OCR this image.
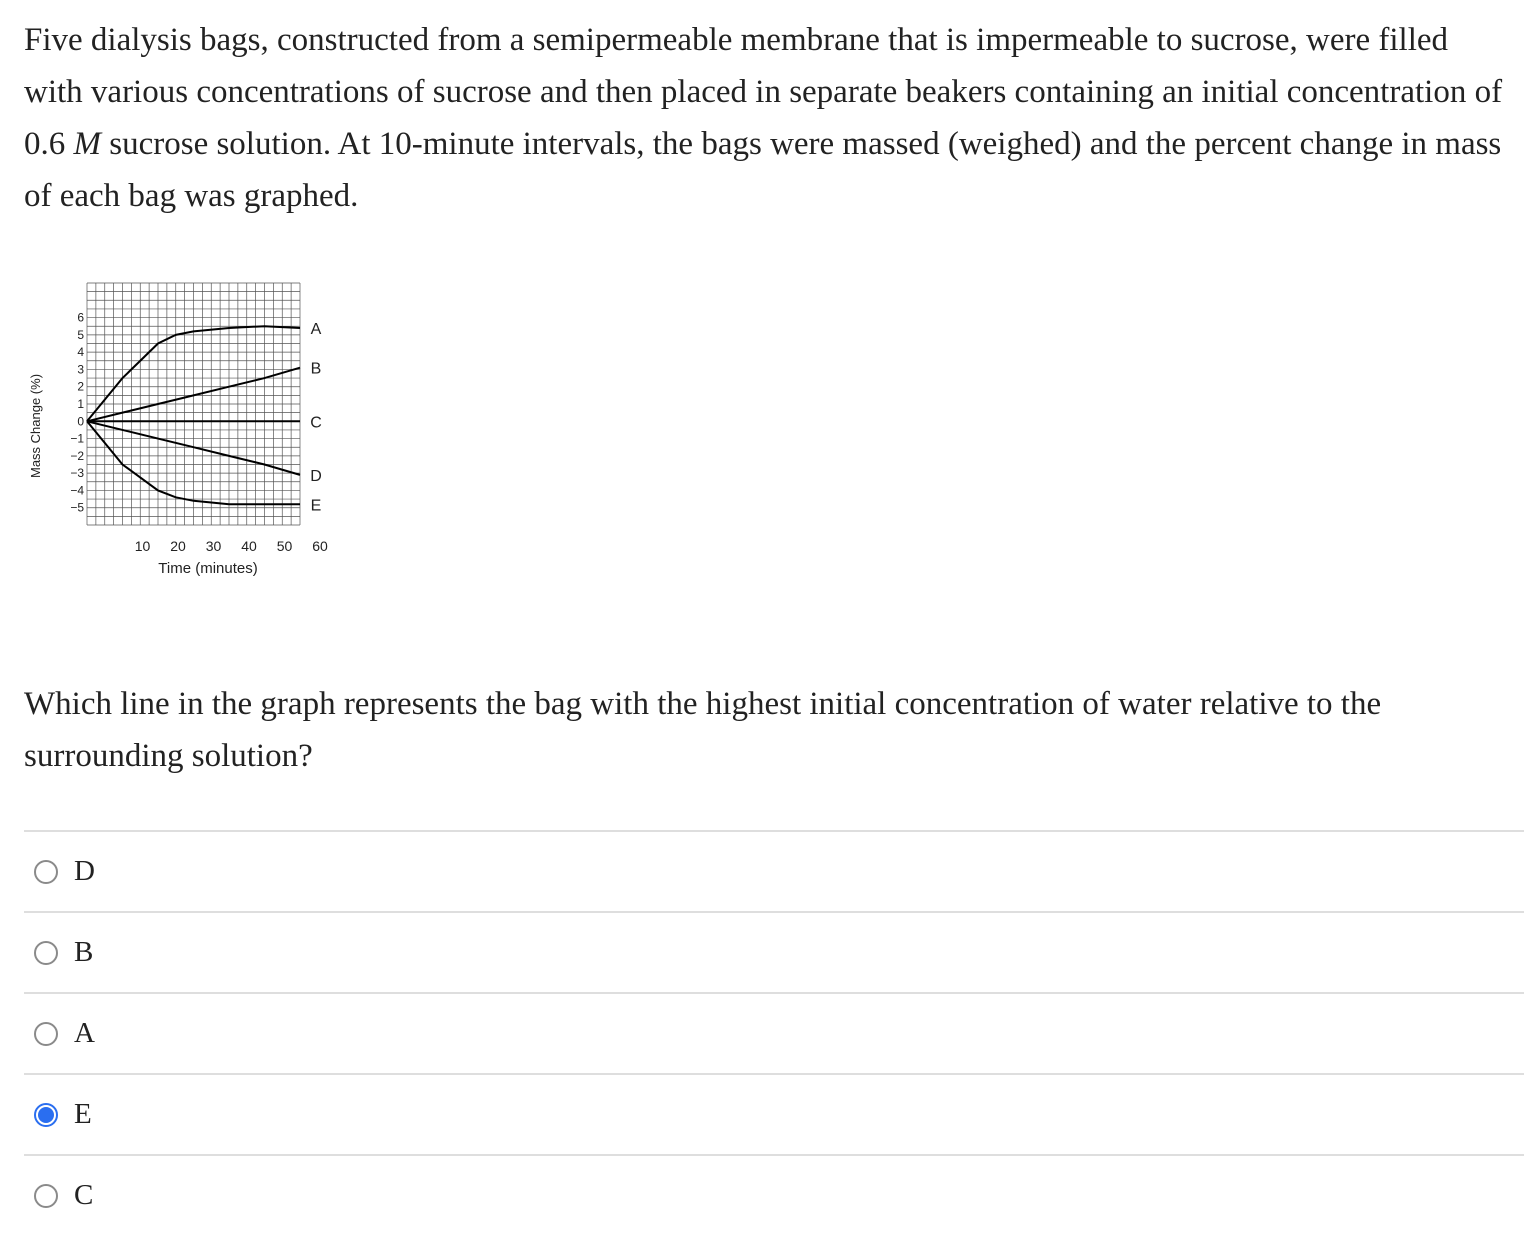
Five dialysis bags, constructed from a semipermeable membrane that is impermeable to sucrose, were filled with various concentrations of sucrose and then placed in separate beakers containing an initial concentration of 0.6 M sucrose solution. At 10-minute intervals, the bags were massed (weighed) and the percent change in mass of each bag was graphed.

6
5
4
3
2
1
0
−1
−2
−3
−4
−5
10 20 30 40 50 60
Time (minutes)
Mass Change (%)
A
B
C
D
E

Which line in the graph represents the bag with the highest initial concentration of water relative to the surrounding solution?

D
B
A
E
C
